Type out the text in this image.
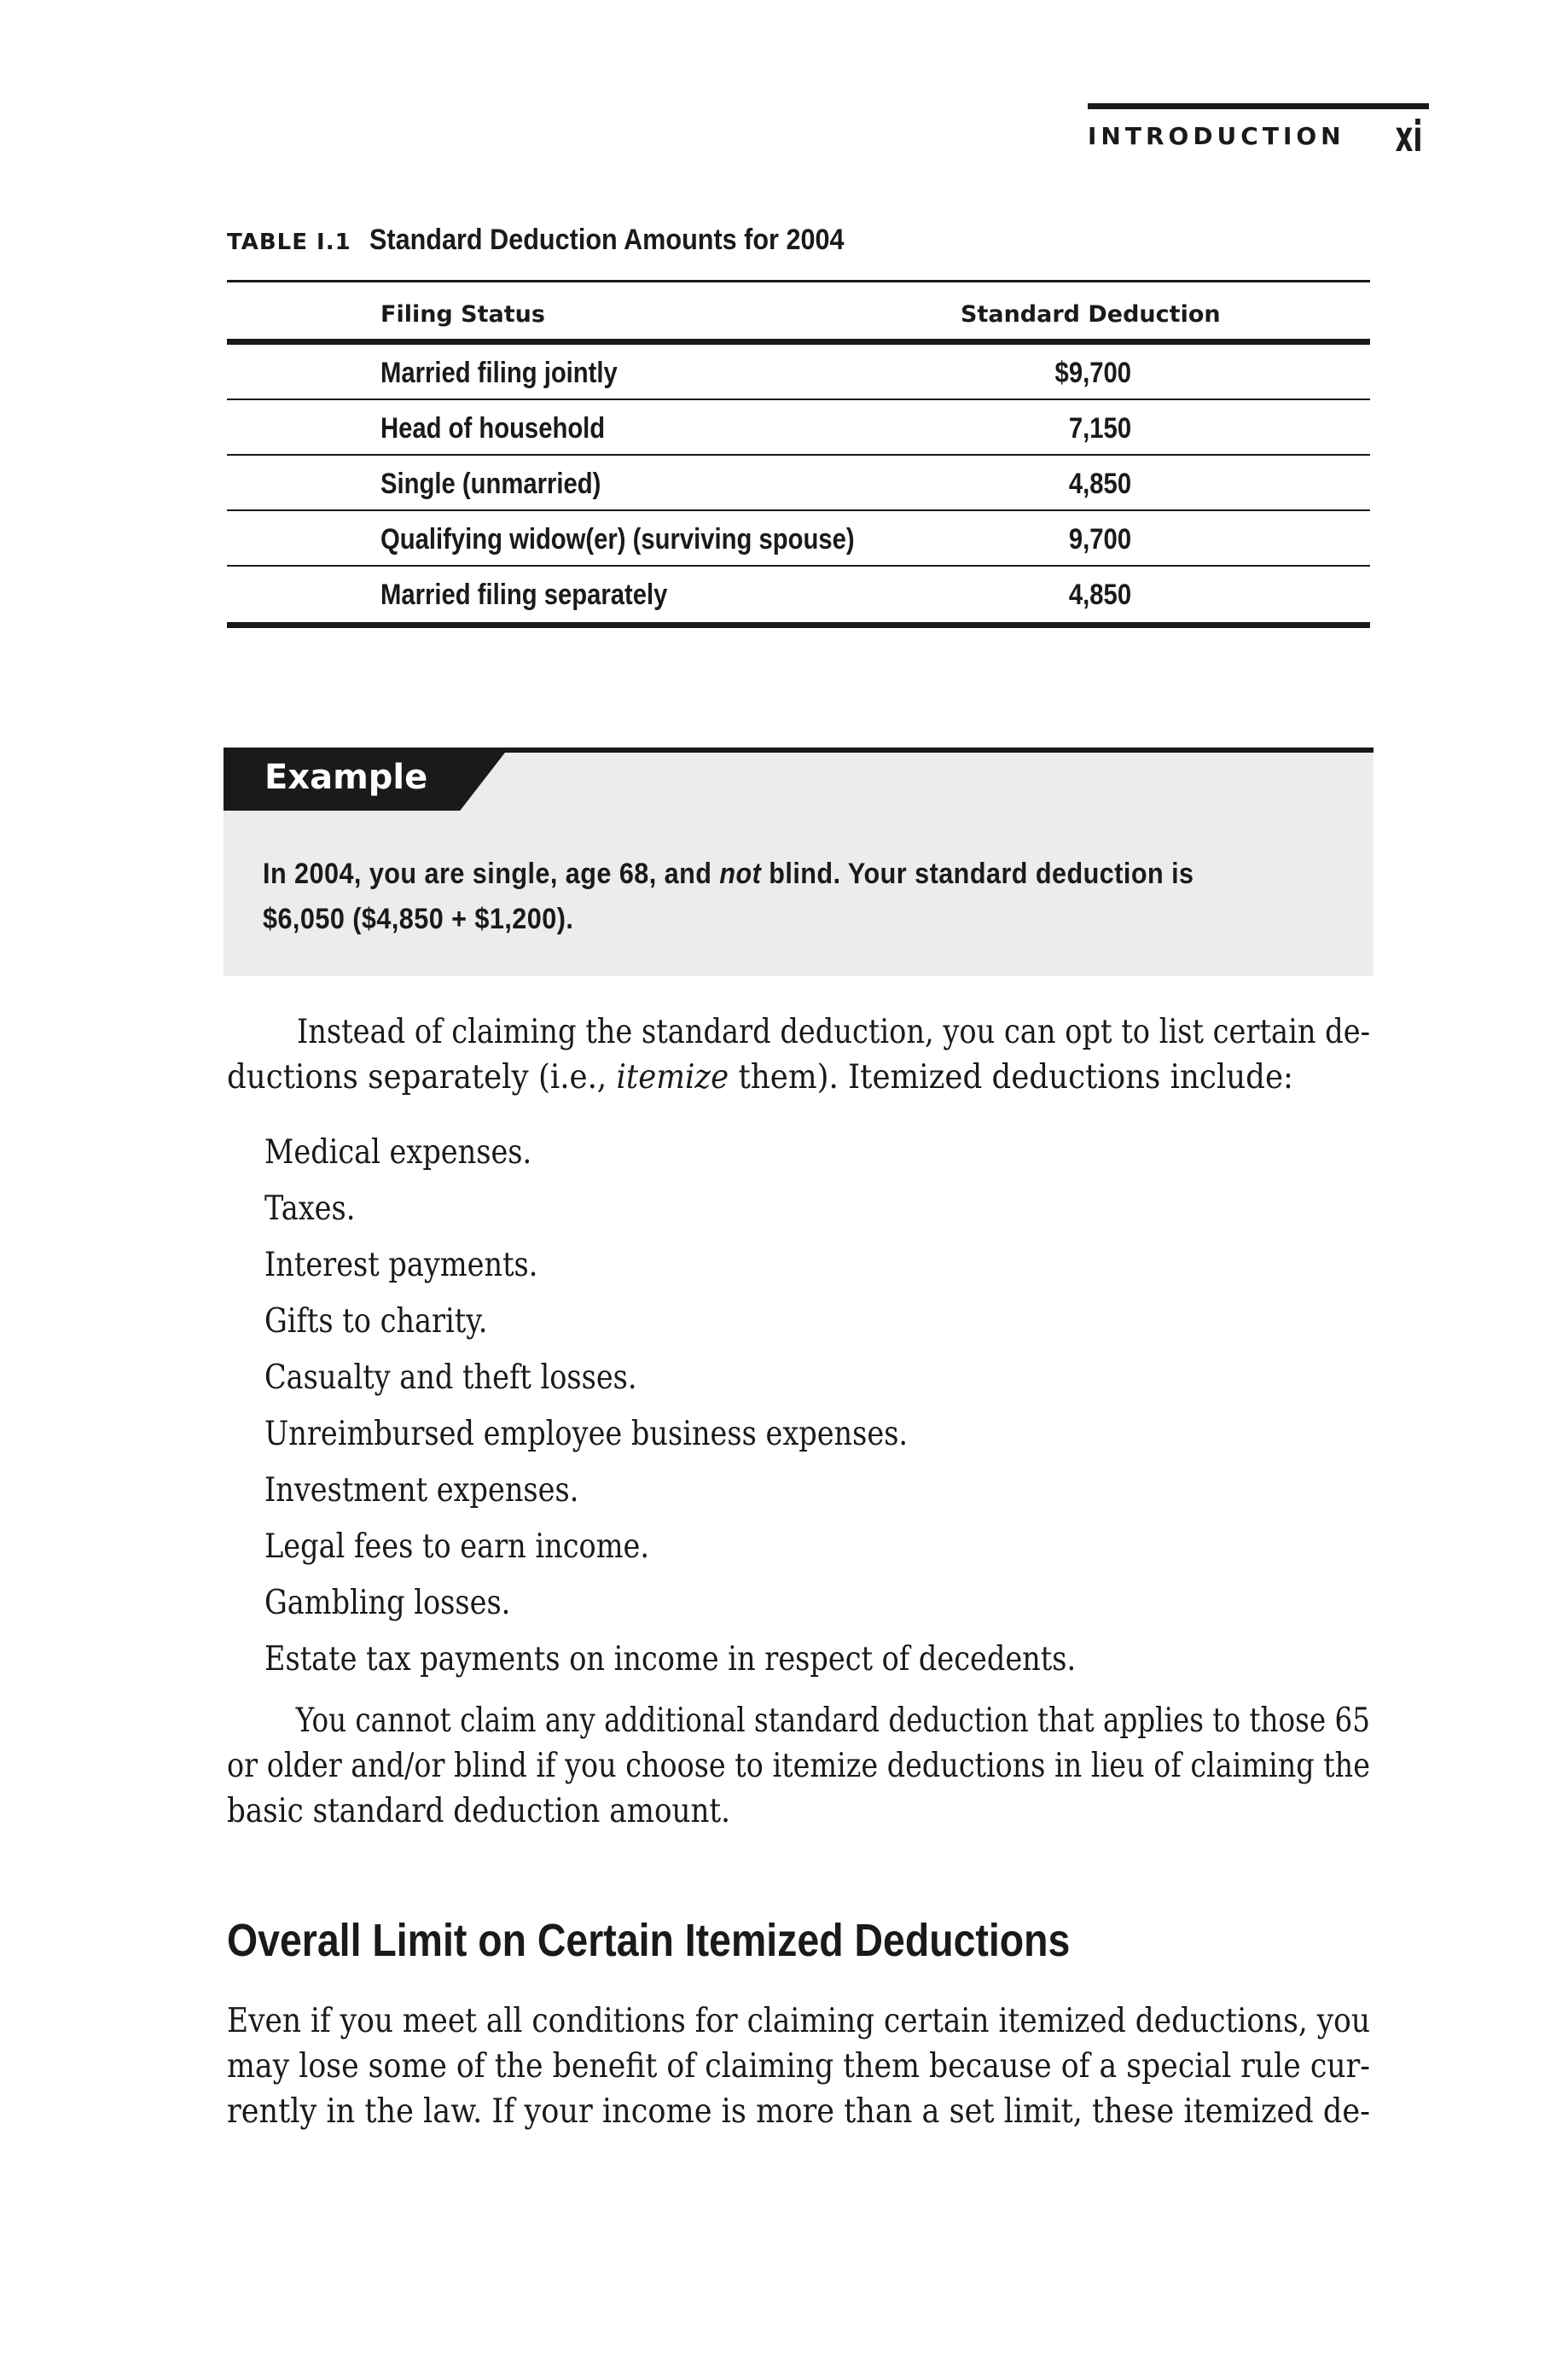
INTRODUCTION xi
TABLE I.1 Standard Deduction Amounts for 2004
Filing Status	Standard Deduction
Married filing jointly	$9,700
Head of household	7,150
Single (unmarried)	4,850
Qualifying widow(er) (surviving spouse)	9,700
Married filing separately	4,850
Example

In 2004, you are single, age 68, and not blind. Your standard deduction is

$6,050 ($4,850 + $1,200).

Instead of claiming the standard deduction, you can opt to list certain de-

ductions separately (i.e., itemize them). Itemized deductions include:

Medical expenses.
Taxes.
Interest payments.
Gifts to charity.
Casualty and theft losses.
Unreimbursed employee business expenses.
Investment expenses.
Legal fees to earn income.
Gambling losses.
Estate tax payments on income in respect of decedents.

You cannot claim any additional standard deduction that applies to those 65

or older and/or blind if you choose to itemize deductions in lieu of claiming the

basic standard deduction amount.

Overall Limit on Certain Itemized Deductions

Even if you meet all conditions for claiming certain itemized deductions, you

may lose some of the benefit of claiming them because of a special rule cur-

rently in the law. If your income is more than a set limit, these itemized de-
